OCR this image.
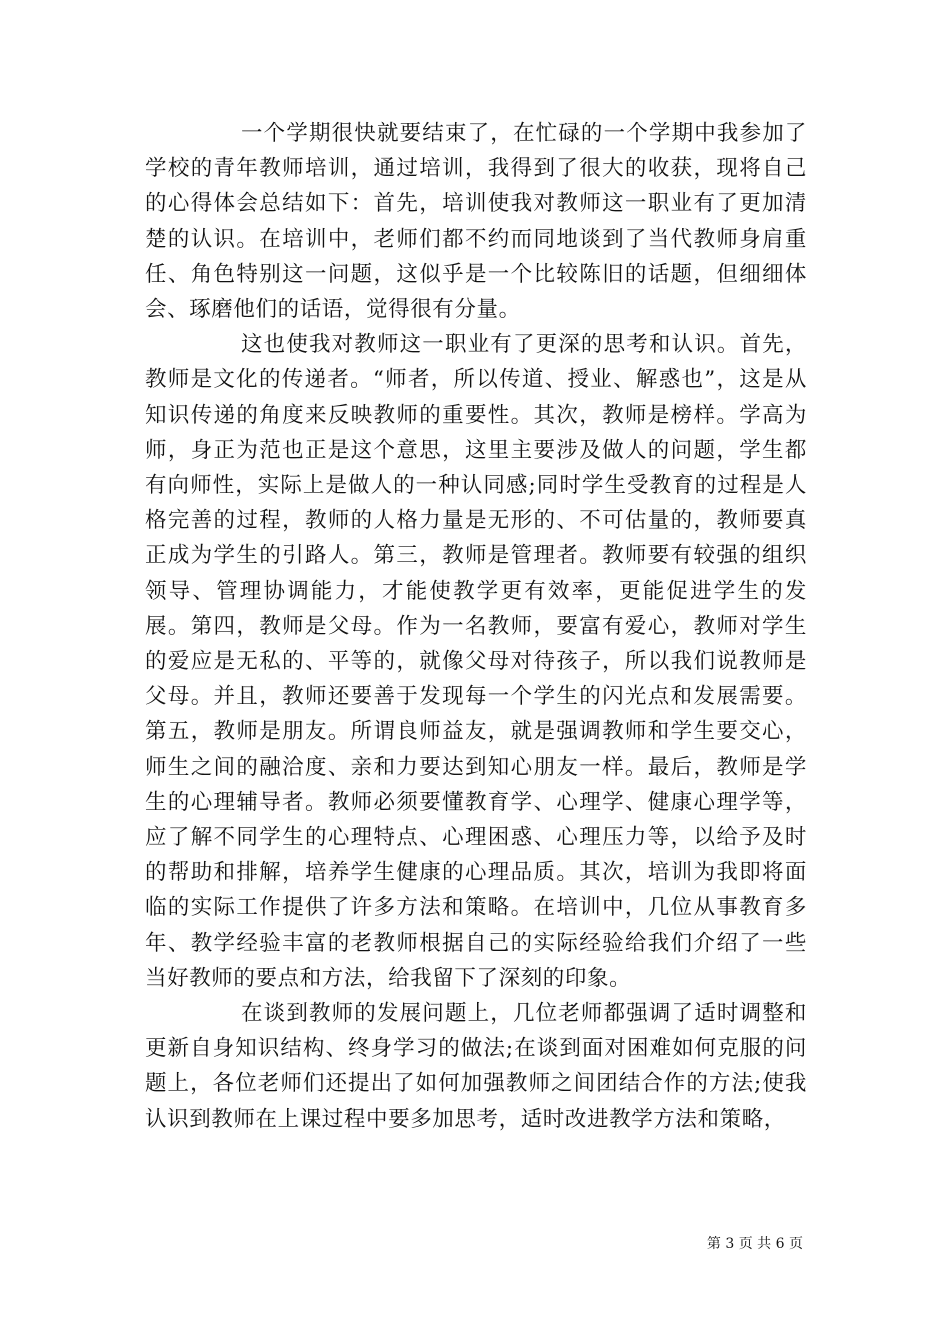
一个学期很快就要结束了，在忙碌的一个学期中我参加了学校的青年教师培训，通过培训，我得到了很大的收获，现将自己的心得体会总结如下：首先，培训使我对教师这一职业有了更加清楚的认识。在培训中，老师们都不约而同地谈到了当代教师身肩重任、角色特别这一问题，这似乎是一个比较陈旧的话题，但细细体会、琢磨他们的话语，觉得很有分量。

这也使我对教师这一职业有了更深的思考和认识。首先，教师是文化的传递者。“师者，所以传道、授业、解惑也”，这是从知识传递的角度来反映教师的重要性。其次，教师是榜样。学高为师，身正为范也正是这个意思，这里主要涉及做人的问题，学生都有向师性，实际上是做人的一种认同感;同时学生受教育的过程是人格完善的过程，教师的人格力量是无形的、不可估量的，教师要真正成为学生的引路人。第三，教师是管理者。教师要有较强的组织领导、管理协调能力，才能使教学更有效率，更能促进学生的发展。第四，教师是父母。作为一名教师，要富有爱心，教师对学生的爱应是无私的、平等的，就像父母对待孩子，所以我们说教师是父母。并且，教师还要善于发现每一个学生的闪光点和发展需要。第五，教师是朋友。所谓良师益友，就是强调教师和学生要交心，师生之间的融洽度、亲和力要达到知心朋友一样。最后，教师是学生的心理辅导者。教师必须要懂教育学、心理学、健康心理学等，应了解不同学生的心理特点、心理困惑、心理压力等，以给予及时的帮助和排解，培养学生健康的心理品质。其次，培训为我即将面临的实际工作提供了许多方法和策略。在培训中，几位从事教育多年、教学经验丰富的老教师根据自己的实际经验给我们介绍了一些当好教师的要点和方法，给我留下了深刻的印象。

在谈到教师的发展问题上，几位老师都强调了适时调整和更新自身知识结构、终身学习的做法;在谈到面对困难如何克服的问题上，各位老师们还提出了如何加强教师之间团结合作的方法;使我认识到教师在上课过程中要多加思考，适时改进教学方法和策略，

第 3 页 共 6 页
